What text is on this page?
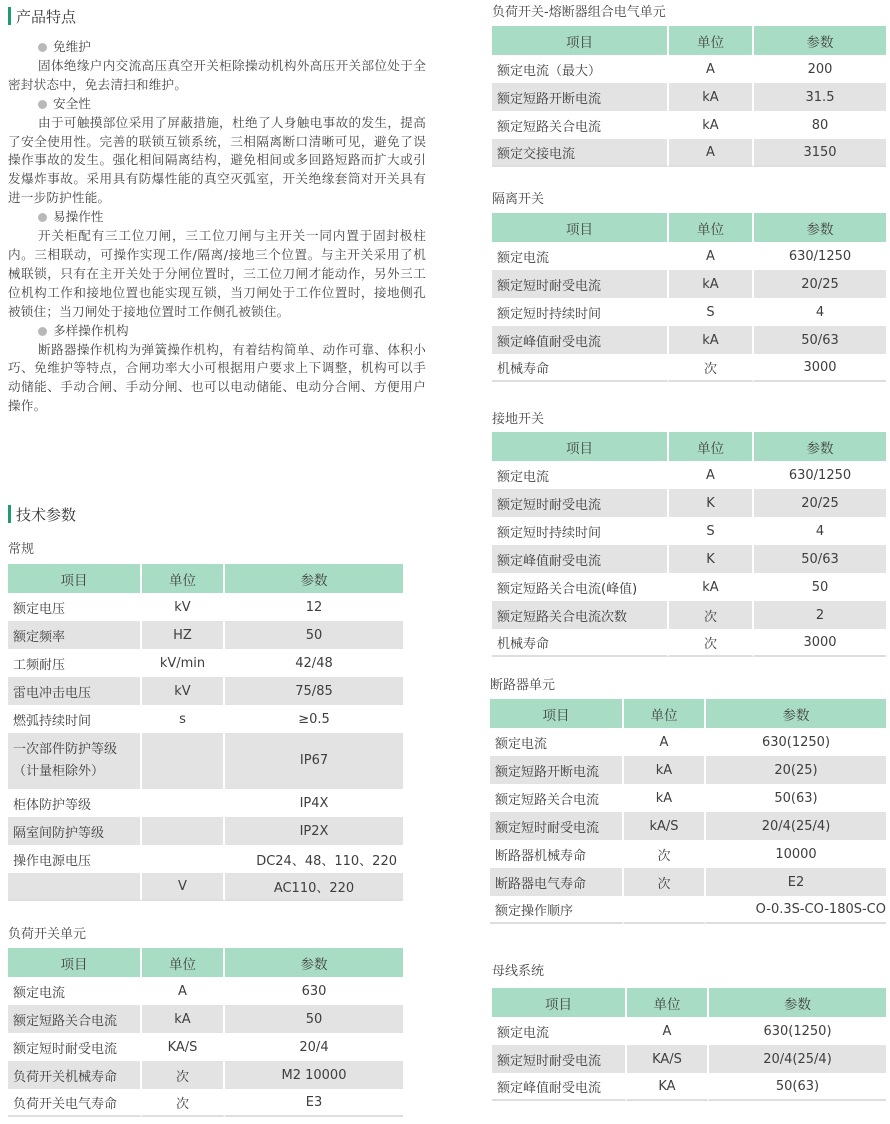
产品特点
免维护
固体绝缘户内交流高压真空开关柜除操动机构外高压开关部位处于全密封状态中，免去清扫和维护。
安全性
由于可触摸部位采用了屏蔽措施，杜绝了人身触电事故的发生，提高了安全使用性。完善的联锁互锁系统，三相隔离断口清晰可见，避免了误操作事故的发生。强化相间隔离结构，避免相间或多回路短路而扩大或引发爆炸事故。采用具有防爆性能的真空灭弧室，开关绝缘套筒对开关具有进一步防护性能。
易操作性
开关柜配有三工位刀闸，三工位刀闸与主开关一同内置于固封极柱内。三相联动，可操作实现工作/隔离/接地三个位置。与主开关采用了机械联锁，只有在主开关处于分闸位置时，三工位刀闸才能动作，另外三工位机构工作和接地位置也能实现互锁，当刀闸处于工作位置时，接地侧孔被锁住；当刀闸处于接地位置时工作侧孔被锁住。
多样操作机构
断路器操作机构为弹簧操作机构，有着结构简单、动作可靠、体积小巧、免维护等特点，合闸功率大小可根据用户要求上下调整，机构可以手动储能、手动合闸、手动分闸、也可以电动储能、电动分合闸、方便用户操作。
技术参数
常规
项目	单位	参数
额定电压	kV	12
额定频率	HZ	50
工频耐压	kV/min	42/48
雷电冲击电压	kV	75/85
燃弧持续时间	s	≥0.5

一次部件防护等级
（计量柜除外）		IP67
柜体防护等级		IP4X
隔室间防护等级		IP2X
操作电源电压		DC24、48、110、220
	V	AC110、220
负荷开关单元
项目	单位	参数
额定电流	A	630
额定短路关合电流	kA	50
额定短时耐受电流	KA/S	20/4
负荷开关机械寿命	次	M2 10000
负荷开关电气寿命	次	E3
负荷开关-熔断器组合电气单元
项目	单位	参数
额定电流（最大）	A	200
额定短路开断电流	kA	31.5
额定短路关合电流	kA	80
额定交接电流	A	3150
隔离开关
项目	单位	参数
额定电流	A	630/1250
额定短时耐受电流	kA	20/25
额定短时持续时间	S	4
额定峰值耐受电流	kA	50/63
机械寿命	次	3000
接地开关
项目	单位	参数
额定电流	A	630/1250
额定短时耐受电流	K	20/25
额定短时持续时间	S	4
额定峰值耐受电流	K	50/63
额定短路关合电流(峰值)	kA	50
额定短路关合电流次数	次	2
机械寿命	次	3000
断路器单元
项目	单位	参数
额定电流	A	630(1250)
额定短路开断电流	kA	20(25)
额定短路关合电流	kA	50(63)
额定短时耐受电流	kA/S	20/4(25/4)
断路器机械寿命	次	10000
断路器电气寿命	次	E2
额定操作顺序		O-0.3S-CO-180S-CO
母线系统
项目	单位	参数
额定电流	A	630(1250)
额定短时耐受电流	KA/S	20/4(25/4)
额定峰值耐受电流	KA	50(63)
